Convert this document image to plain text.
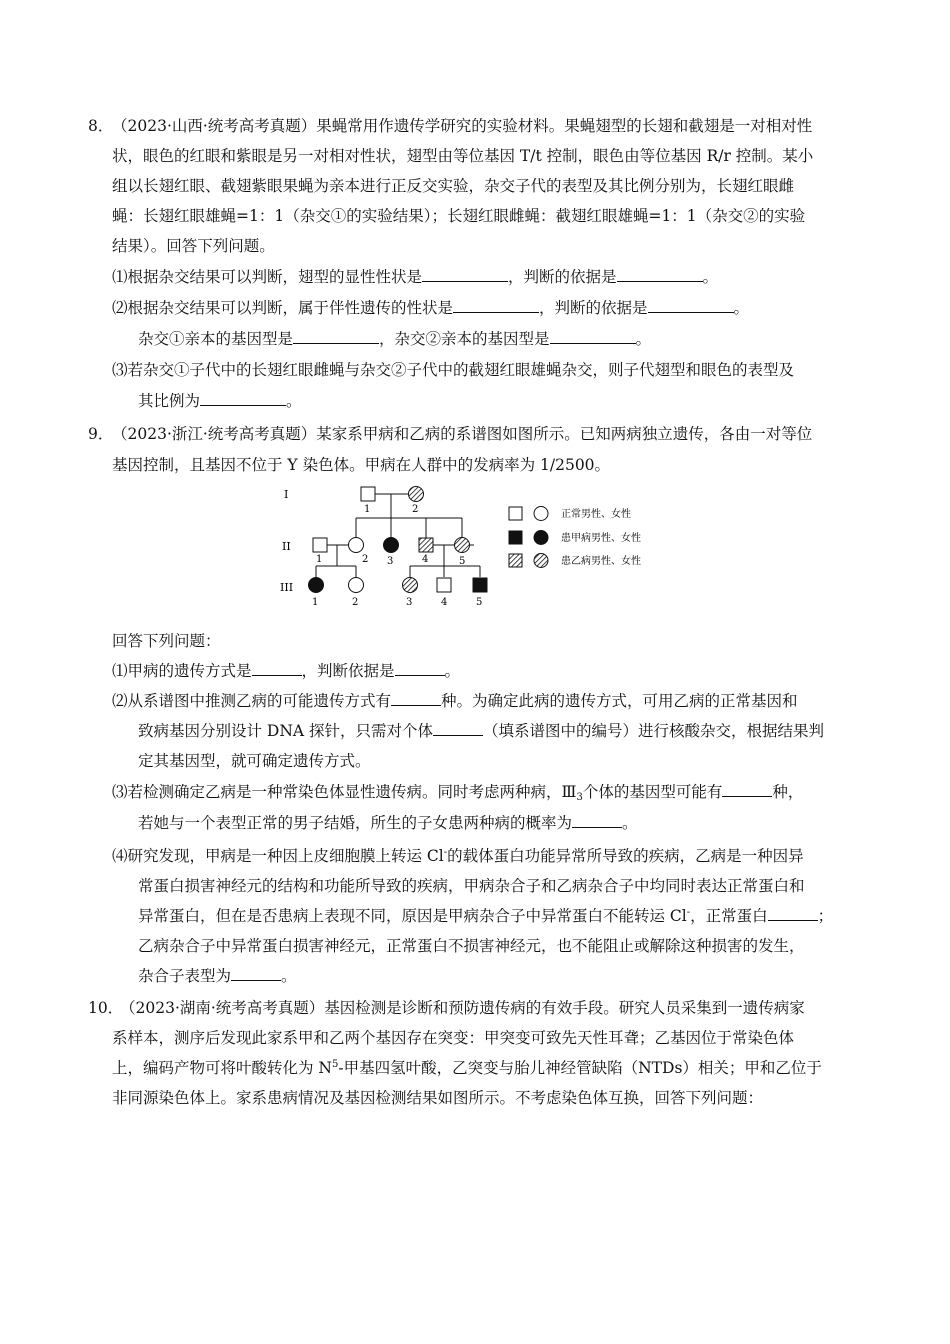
8．
（2023·山西·统考高考真题）果蝇常用作遗传学研究的实验材料。果蝇翅型的长翅和截翅是一对相对性
状，眼色的红眼和紫眼是另一对相对性状，翅型由等位基因 T/t 控制，眼色由等位基因 R/r 控制。某小
组以长翅红眼、截翅紫眼果蝇为亲本进行正反交实验，杂交子代的表型及其比例分别为，长翅红眼雌
蝇：长翅红眼雄蝇=1：1（杂交①的实验结果）；长翅红眼雌蝇：截翅红眼雄蝇=1：1（杂交②的实验
结果）。回答下列问题。
⑴根据杂交结果可以判断，翅型的显性性状是	，判断的依据是	。
⑵根据杂交结果可以判断，属于伴性遗传的性状是	，判断的依据是	。
杂交①亲本的基因型是	，杂交②亲本的基因型是	。
⑶若杂交①子代中的长翅红眼雌蝇与杂交②子代中的截翅红眼雄蝇杂交，则子代翅型和眼色的表型及
其比例为	。
9．
（2023·浙江·统考高考真题）某家系甲病和乙病的系谱图如图所示。已知两病独立遗传，各由一对等位
基因控制，且基因不位于 Y 染色体。甲病在人群中的发病率为 1/2500。
I
II
III
1	2
1	2 3	4	5
1	2	3	4	5
正常男性、女性
患甲病男性、女性
患乙病男性、女性
回答下列问题：
⑴甲病的遗传方式是	，判断依据是	。
⑵从系谱图中推测乙病的可能遗传方式有	种。为确定此病的遗传方式，可用乙病的正常基因和
致病基因分别设计 DNA 探针，只需对个体	（填系谱图中的编号）进行核酸杂交，根据结果判
定其基因型，就可确定遗传方式。
⑶若检测确定乙病是一种常染色体显性遗传病。同时考虑两种病，$Ⅲ_3$个体的基因型可能有	种，
若她与一个表型正常的男子结婚，所生的子女患两种病的概率为	。
⑷研究发现，甲病是一种因上皮细胞膜上转运 Cl-的载体蛋白功能异常所导致的疾病，乙病是一种因异
常蛋白损害神经元的结构和功能所导致的疾病，甲病杂合子和乙病杂合子中均同时表达正常蛋白和
异常蛋白，但在是否患病上表现不同，原因是甲病杂合子中异常蛋白不能转运 Cl-，正常蛋白	；
乙病杂合子中异常蛋白损害神经元，正常蛋白不损害神经元，也不能阻止或解除这种损害的发生，
杂合子表型为	。
10．
（2023·湖南·统考高考真题）基因检测是诊断和预防遗传病的有效手段。研究人员采集到一遗传病家
系样本，测序后发现此家系甲和乙两个基因存在突变：甲突变可致先天性耳聋；乙基因位于常染色体
上，编码产物可将叶酸转化为 $N^5-$甲基四氢叶酸，乙突变与胎儿神经管缺陷（NTDs）相关；甲和乙位于
非同源染色体上。家系患病情况及基因检测结果如图所示。不考虑染色体互换，回答下列问题：
